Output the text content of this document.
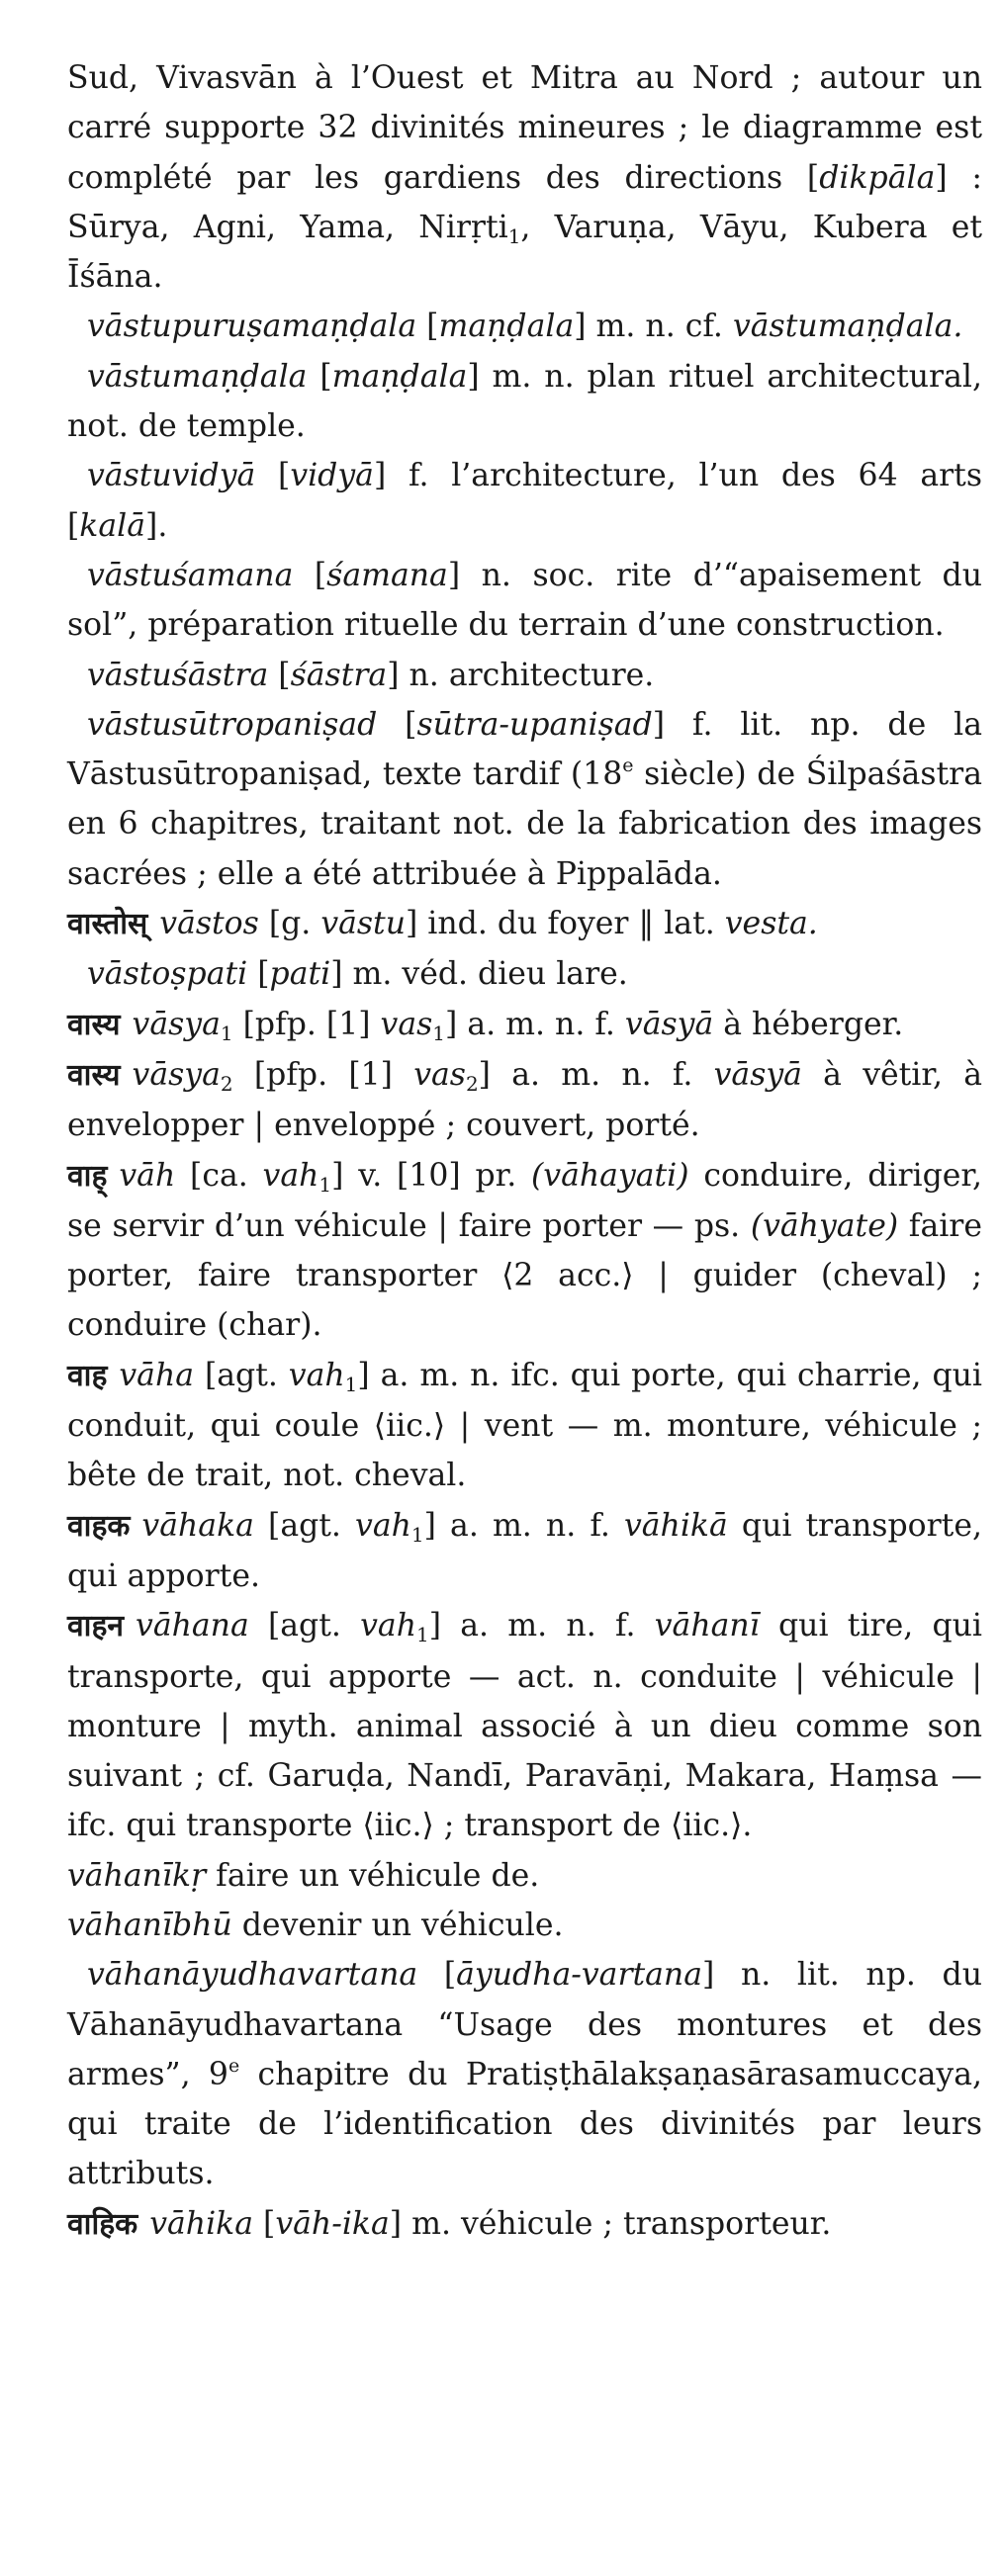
Sud, Vivasvān à l’Ouest et Mitra au Nord ; autour un carré supporte 32 divinités mineures ; le diagramme est complété par les gardiens des directions [dikpāla] : Sūrya, Agni, Yama, Nirṛti$_1$, Varuṇa, Vāyu, Kubera et Īśāna.

vāstupuruṣamaṇḍala [maṇḍala] m. n. cf. vāstumaṇḍala.

vāstumaṇḍala [maṇḍala] m. n. plan rituel architectural, not. de temple.

vāstuvidyā [vidyā] f. l’architecture, l’un des 64 arts [kalā].

vāstuśamana [śamana] n. soc. rite d’“apaisement du sol”, préparation rituelle du terrain d’une construction.

vāstuśāstra [śāstra] n. architecture.

vāstusūtropaniṣad [sūtra-upaniṣad] f. lit. np. de la Vāstusūtropaniṣad, texte tardif (18e siècle) de Śilpaśāstra en 6 chapitres, traitant not. de la fabrication des images sacrées ; elle a été attribuée à Pippalāda.

वास्तोस् vāstos [g. vāstu] ind. du foyer ‖ lat. vesta.

vāstoṣpati [pati] m. véd. dieu lare.

वास्य vāsya$_1$ [pfp. [1] vas$_1$] a. m. n. f. vāsyā à héberger.

वास्य vāsya$_2$ [pfp. [1] vas$_2$] a. m. n. f. vāsyā à vêtir, à envelopper | enveloppé ; couvert, porté.

वाह् vāh [ca. vah$_1$] v. [10] pr. (vāhayati) conduire, diriger, se servir d’un véhicule | faire porter — ps. (vāhyate) faire porter, faire transporter ⟨2 acc.⟩ | guider (cheval) ; conduire (char).

वाह vāha [agt. vah$_1$] a. m. n. ifc. qui porte, qui charrie, qui conduit, qui coule ⟨iic.⟩ | vent — m. monture, véhicule ; bête de trait, not. cheval.

वाहक vāhaka [agt. vah$_1$] a. m. n. f. vāhikā qui transporte, qui apporte.

वाहन vāhana [agt. vah$_1$] a. m. n. f. vāhanī qui tire, qui transporte, qui apporte — act. n. conduite | véhicule | monture | myth. animal associé à un dieu comme son suivant ; cf. Garuḍa, Nandī, Paravāṇi, Makara, Haṃsa — ifc. qui transporte ⟨iic.⟩ ; transport de ⟨iic.⟩.

vāhanīkṛ faire un véhicule de.

vāhanībhū devenir un véhicule.

vāhanāyudhavartana [āyudha-vartana] n. lit. np. du Vāhanāyudhavartana “Usage des montures et des armes”, 9e chapitre du Pratiṣṭhālakṣaṇasārasamuccaya, qui traite de l’identification des divinités par leurs attributs.

वाहिक vāhika [vāh-ika] m. véhicule ; transporteur.
